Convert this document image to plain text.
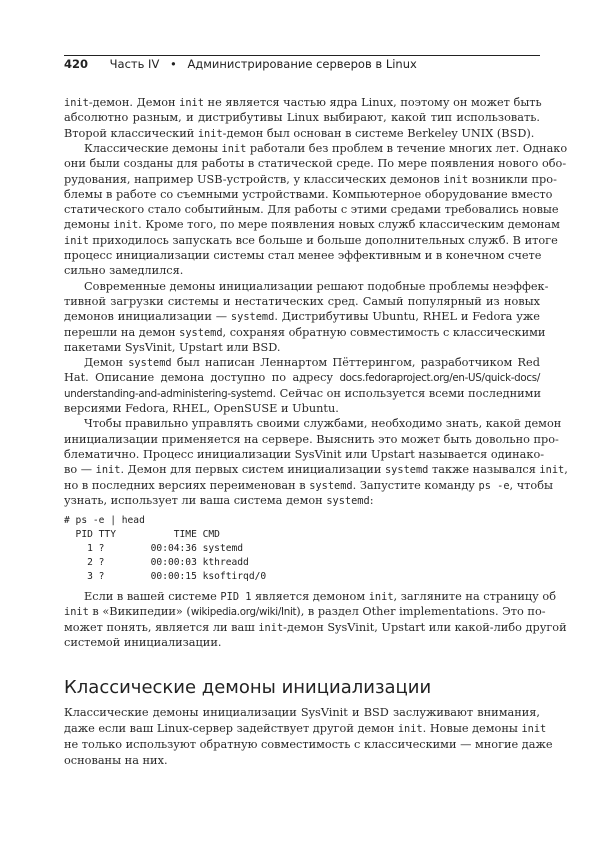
420 Часть IV • Администрирование серверов в Linux
init-демон. Демон init не является частью ядра Linux, поэтому он может быть
абсолютно разным, и дистрибутивы Linux выбирают, какой тип использовать.
Второй классический init-демон был основан в системе Berkeley UNIX (BSD).
Классические демоны init работали без проблем в течение многих лет. Однако
они были созданы для работы в статической среде. По мере появления нового обо-
рудования, например USB-устройств, у классических демонов init возникли про-
блемы в работе со съемными устройствами. Компьютерное оборудование вместо
статического стало событийным. Для работы с этими средами требовались новые
демоны init. Кроме того, по мере появления новых служб классическим демонам
init приходилось запускать все больше и больше дополнительных служб. В итоге
процесс инициализации системы стал менее эффективным и в конечном счете
сильно замедлился.
Современные демоны инициализации решают подобные проблемы неэффек-
тивной загрузки системы и нестатических сред. Самый популярный из новых
демонов инициализации — systemd. Дистрибутивы Ubuntu, RHEL и Fedora уже
перешли на демон systemd, сохраняя обратную совместимость с классическими
пакетами SysVinit, Upstart или BSD.
Демон systemd был написан Леннартом Пёттерингом, разработчиком Red
Hat. Описание демона доступно по адресу docs.fedoraproject.org/en-US/quick-docs/
understanding-and-administering-systemd. Сейчас он используется всеми последними
версиями Fedora, RHEL, OpenSUSE и Ubuntu.
Чтобы правильно управлять своими службами, необходимо знать, какой демон
инициализации применяется на сервере. Выяснить это может быть довольно про-
блематично. Процесс инициализации SysVinit или Upstart называется одинако-
во — init. Демон для первых систем инициализации systemd также назывался init,
но в последних версиях переименован в systemd. Запустите команду ps -e, чтобы
узнать, использует ли ваша система демон systemd:
# ps -e | head
PID TTY          TIME CMD
1 ?        00:04:36 systemd
2 ?        00:00:03 kthreadd
3 ?        00:00:15 ksoftirqd/0
Если в вашей системе PID 1 является демоном init, загляните на страницу об
init в «Википедии» (wikipedia.org/wiki/Init), в раздел Other implementations. Это по-
может понять, является ли ваш init-демон SysVinit, Upstart или какой-либо другой
системой инициализации.
Классические демоны инициализации
Классические демоны инициализации SysVinit и BSD заслуживают внимания,
даже если ваш Linux-сервер задействует другой демон init. Новые демоны init
не только используют обратную совместимость с классическими — многие даже
основаны на них.
